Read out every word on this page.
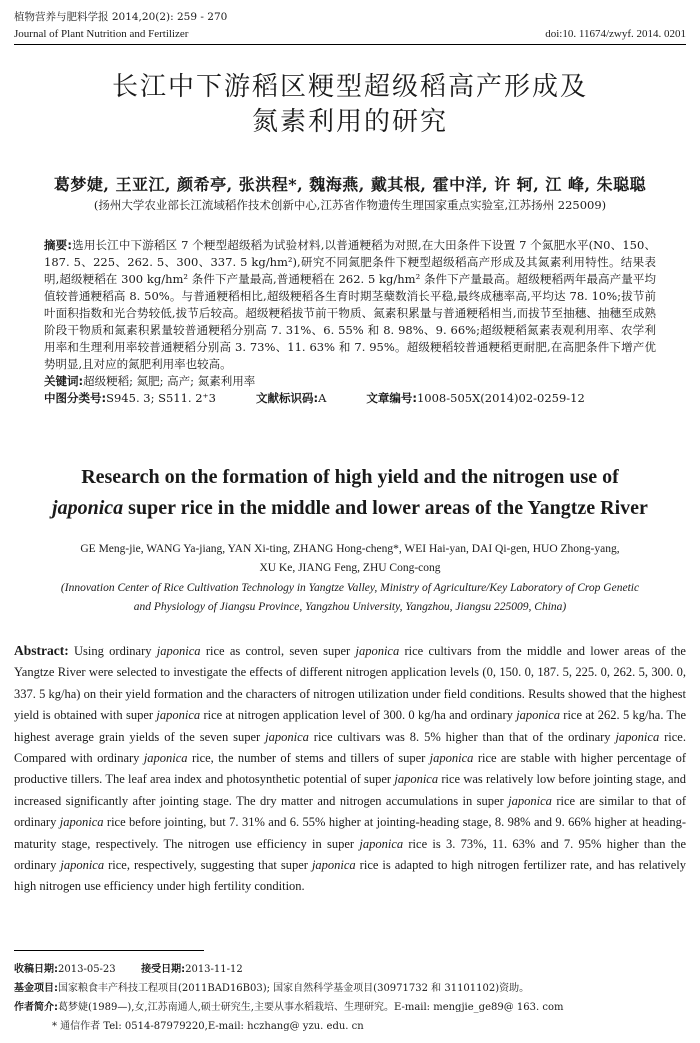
植物营养与肥料学报 2014,20(2): 259 - 270
Journal of Plant Nutrition and Fertilizer	doi:10. 11674/zwyf. 2014. 0201
长江中下游稻区粳型超级稻高产形成及
氮素利用的研究
葛梦婕, 王亚江, 颜希亭, 张洪程*, 魏海燕, 戴其根, 霍中洋, 许 轲, 江 峰, 朱聪聪
(扬州大学农业部长江流域稻作技术创新中心,江苏省作物遗传生理国家重点实验室,江苏扬州 225009)

摘要:选用长江中下游稻区 7 个粳型超级稻为试验材料,以普通粳稻为对照,在大田条件下设置 7 个氮肥水平(N0、150、187. 5、225、262. 5、300、337. 5 kg/hm²),研究不同氮肥条件下粳型超级稻高产形成及其氮素利用特性。结果表明,超级粳稻在 300 kg/hm² 条件下产量最高,普通粳稻在 262. 5 kg/hm² 条件下产量最高。超级粳稻两年最高产量平均值较普通粳稻高 8. 50%。与普通粳稻相比,超级粳稻各生育时期茎蘖数消长平稳,最终成穗率高,平均达 78. 10%;拔节前叶面积指数和光合势较低,拔节后较高。超级粳稻拔节前干物质、氮素积累量与普通粳稻相当,而拔节至抽穗、抽穗至成熟阶段干物质和氮素积累量较普通粳稻分别高 7. 31%、6. 55% 和 8. 98%、9. 66%;超级粳稻氮素表观利用率、农学利用率和生理利用率较普通粳稻分别高 3. 73%、11. 63% 和 7. 95%。超级粳稻较普通粳稻更耐肥,在高肥条件下增产优势明显,且对应的氮肥利用率也较高。

关键词:超级粳稻; 氮肥; 高产; 氮素利用率

中图分类号:S945. 3; S511. 2⁺3	文献标识码:A	文章编号:1008-505X(2014)02-0259-12
Research on the formation of high yield and the nitrogen use of
japonica super rice in the middle and lower areas of the Yangtze River
GE Meng-jie, WANG Ya-jiang, YAN Xi-ting, ZHANG Hong-cheng*, WEI Hai-yan, DAI Qi-gen, HUO Zhong-yang,
XU Ke, JIANG Feng, ZHU Cong-cong
(Innovation Center of Rice Cultivation Technology in Yangtze Valley, Ministry of Agriculture/Key Laboratory of Crop Genetic
and Physiology of Jiangsu Province, Yangzhou University, Yangzhou, Jiangsu 225009, China)
Abstract: Using ordinary japonica rice as control, seven super japonica rice cultivars from the middle and lower areas of the Yangtze River were selected to investigate the effects of different nitrogen application levels (0, 150. 0, 187. 5, 225. 0, 262. 5, 300. 0, 337. 5 kg/ha) on their yield formation and the characters of nitrogen utilization under field conditions. Results showed that the highest yield is obtained with super japonica rice at nitrogen application level of 300. 0 kg/ha and ordinary japonica rice at 262. 5 kg/ha. The highest average grain yields of the seven super japonica rice cultivars was 8. 5% higher than that of the ordinary japonica rice. Compared with ordinary japonica rice, the number of stems and tillers of super japonica rice are stable with higher percentage of productive tillers. The leaf area index and photosynthetic potential of super japonica rice was relatively low before jointing stage, and increased significantly after jointing stage. The dry matter and nitrogen accumulations in super japonica rice are similar to that of ordinary japonica rice before jointing, but 7. 31% and 6. 55% higher at jointing-heading stage, 8. 98% and 9. 66% higher at heading-maturity stage, respectively. The nitrogen use efficiency in super japonica rice is 3. 73%, 11. 63% and 7. 95% higher than the ordinary japonica rice, respectively, suggesting that super japonica rice is adapted to high nitrogen fertilizer rate, and has relatively high nitrogen use efficiency under high fertility condition.

收稿日期:2013-05-23	接受日期:2013-11-12

基金项目:国家粮食丰产科技工程项目(2011BAD16B03); 国家自然科学基金项目(30971732 和 31101102)资助。

作者简介:葛梦婕(1989—),女,江苏南通人,硕士研究生,主要从事水稻栽培、生理研究。E-mail: mengjie_ge89@ 163. com

* 通信作者 Tel: 0514-87979220,E-mail: hczhang@ yzu. edu. cn
